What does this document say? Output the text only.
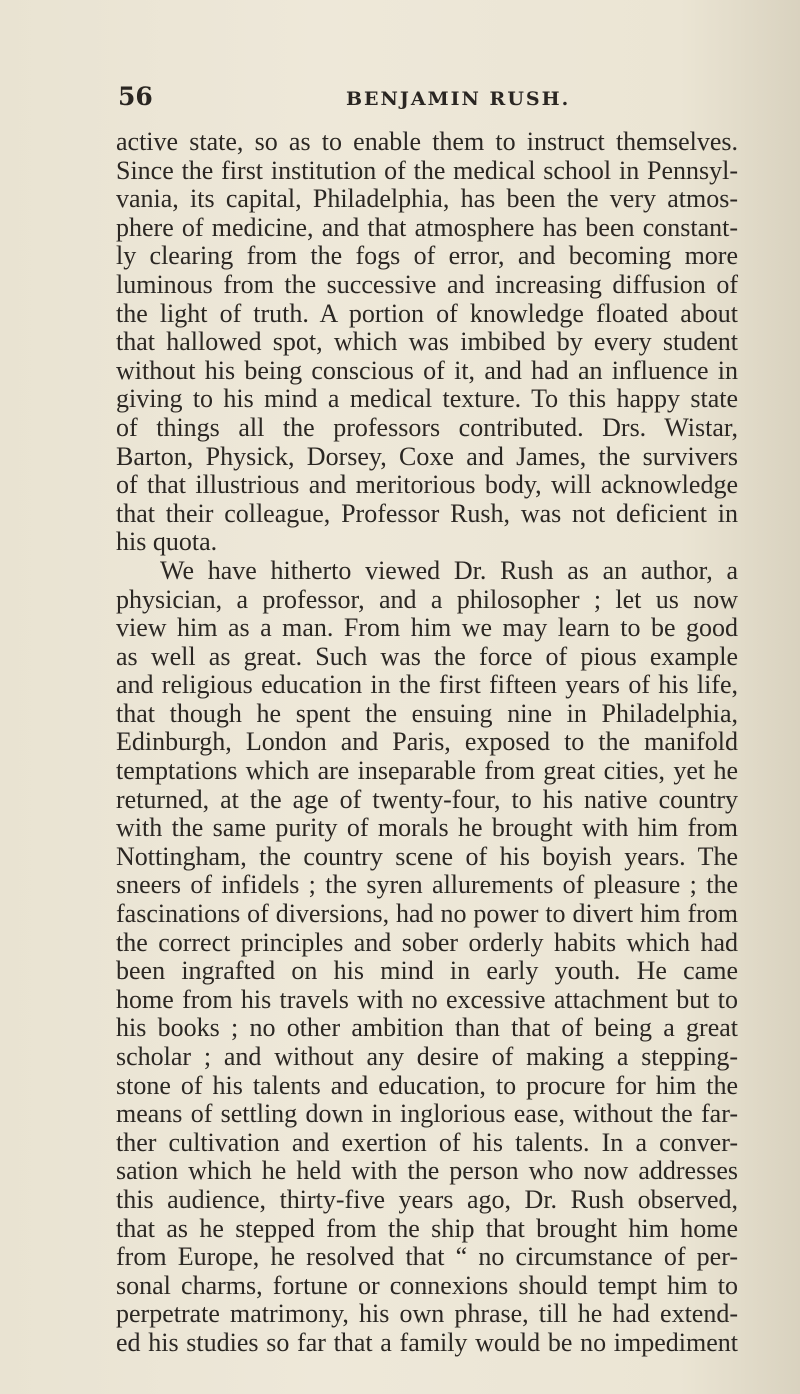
56	BENJAMIN RUSH.
active state, so as to enable them to instruct themselves.
Since the first institution of the medical school in Pennsyl-
vania, its capital, Philadelphia, has been the very atmos-
phere of medicine, and that atmosphere has been constant-
ly clearing from the fogs of error, and becoming more
luminous from the successive and increasing diffusion of
the light of truth. A portion of knowledge floated about
that hallowed spot, which was imbibed by every student
without his being conscious of it, and had an influence in
giving to his mind a medical texture. To this happy state
of things all the professors contributed. Drs. Wistar,
Barton, Physick, Dorsey, Coxe and James, the survivers
of that illustrious and meritorious body, will acknowledge
that their colleague, Professor Rush, was not deficient in
his quota.
We have hitherto viewed Dr. Rush as an author, a
physician, a professor, and a philosopher ; let us now
view him as a man. From him we may learn to be good
as well as great. Such was the force of pious example
and religious education in the first fifteen years of his life,
that though he spent the ensuing nine in Philadelphia,
Edinburgh, London and Paris, exposed to the manifold
temptations which are inseparable from great cities, yet he
returned, at the age of twenty-four, to his native country
with the same purity of morals he brought with him from
Nottingham, the country scene of his boyish years. The
sneers of infidels ; the syren allurements of pleasure ; the
fascinations of diversions, had no power to divert him from
the correct principles and sober orderly habits which had
been ingrafted on his mind in early youth. He came
home from his travels with no excessive attachment but to
his books ; no other ambition than that of being a great
scholar ; and without any desire of making a stepping-
stone of his talents and education, to procure for him the
means of settling down in inglorious ease, without the far-
ther cultivation and exertion of his talents. In a conver-
sation which he held with the person who now addresses
this audience, thirty-five years ago, Dr. Rush observed,
that as he stepped from the ship that brought him home
from Europe, he resolved that “ no circumstance of per-
sonal charms, fortune or connexions should tempt him to
perpetrate matrimony, his own phrase, till he had extend-
ed his studies so far that a family would be no impediment
